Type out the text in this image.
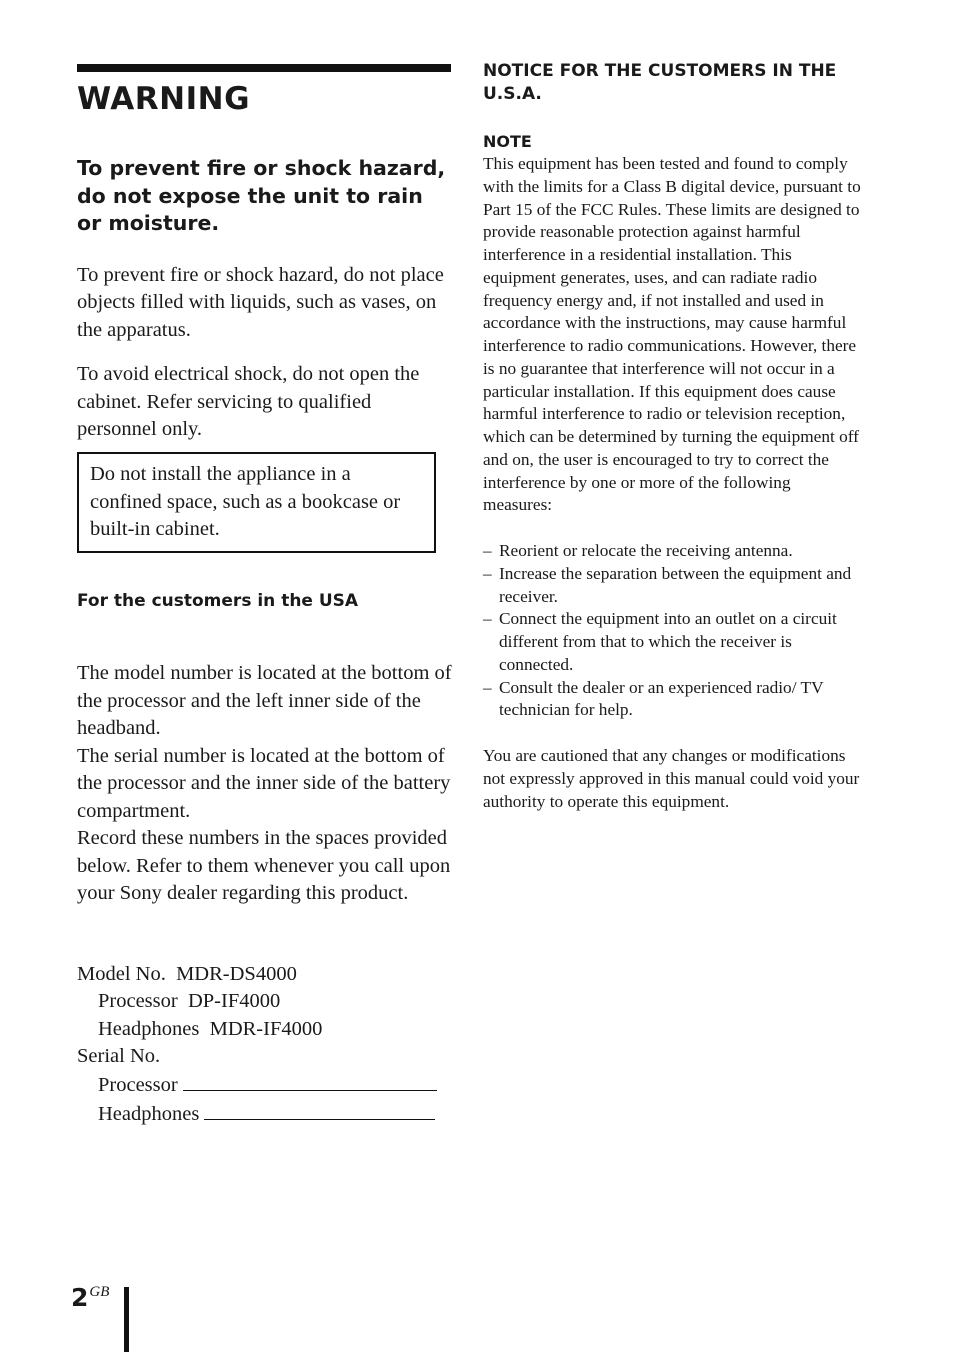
WARNING
To prevent fire or shock hazard, do not expose the unit to rain or moisture.

To prevent fire or shock hazard, do not place objects filled with liquids, such as vases, on the apparatus.

To avoid electrical shock, do not open the cabinet. Refer servicing to qualified personnel only.

Do not install the appliance in a confined space, such as a bookcase or built-in cabinet.
For the customers in the USA

The model number is located at the bottom of the processor and the left inner side of the headband.

The serial number is located at the bottom of the processor and the inner side of the battery compartment.

Record these numbers in the spaces provided below. Refer to them whenever you call upon your Sony dealer regarding this product.

Model No. MDR-DS4000
Processor DP-IF4000
Headphones MDR-IF4000
Serial No.
Processor
Headphones
NOTICE FOR THE CUSTOMERS IN THE U.S.A.
NOTE

This equipment has been tested and found to comply with the limits for a Class B digital device, pursuant to Part 15 of the FCC Rules. These limits are designed to provide reasonable protection against harmful interference in a residential installation. This equipment generates, uses, and can radiate radio frequency energy and, if not installed and used in accordance with the instructions, may cause harmful interference to radio communications. However, there is no guarantee that interference will not occur in a particular installation. If this equipment does cause harmful interference to radio or television reception, which can be determined by turning the equipment off and on, the user is encouraged to try to correct the interference by one or more of the following measures:

– Reorient or relocate the receiving antenna.
– Increase the separation between the equipment and receiver.
– Connect the equipment into an outlet on a circuit different from that to which the receiver is connected.
– Consult the dealer or an experienced radio/ TV technician for help.

You are cautioned that any changes or modifications not expressly approved in this manual could void your authority to operate this equipment.

$2^{GB}$
